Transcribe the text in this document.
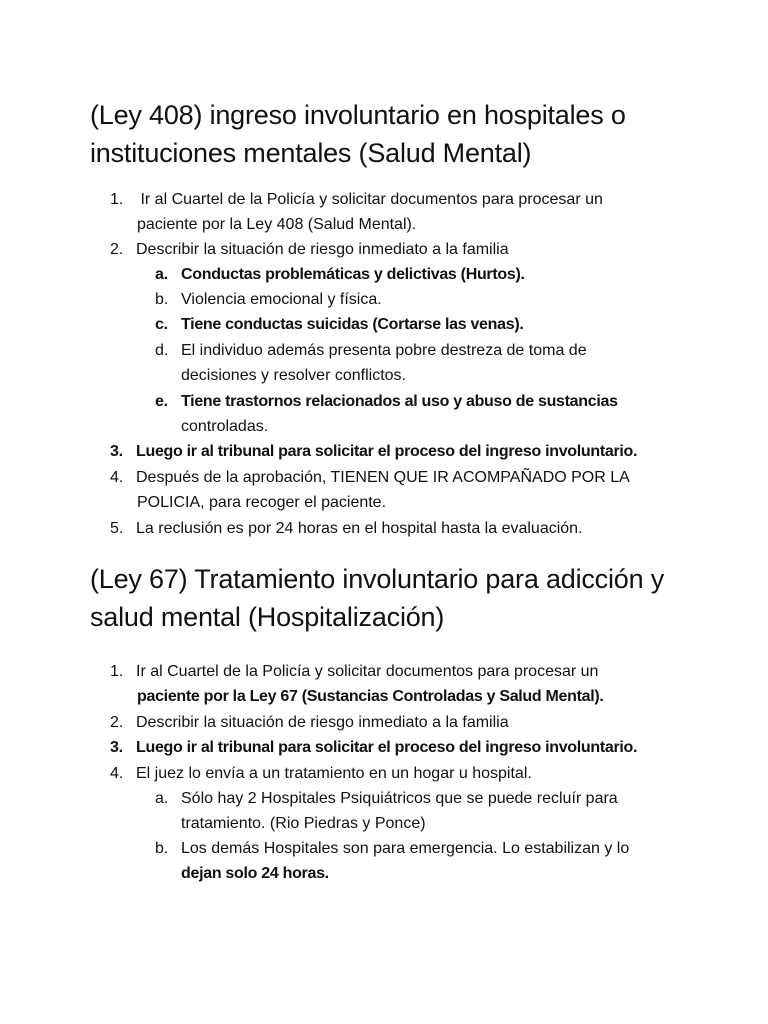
(Ley 408) ingreso involuntario en hospitales o
instituciones mentales (Salud Mental)

1. Ir al Cuartel de la Policía y solicitar documentos para procesar un

paciente por la Ley 408 (Salud Mental).

2. Describir la situación de riesgo inmediato a la familia

a. Conductas problemáticas y delictivas (Hurtos).

b. Violencia emocional y física.

c. Tiene conductas suicidas (Cortarse las venas).

d. El individuo además presenta pobre destreza de toma de

decisiones y resolver conflictos.

e. Tiene trastornos relacionados al uso y abuso de sustancias

controladas.

3. Luego ir al tribunal para solicitar el proceso del ingreso involuntario.

4. Después de la aprobación, TIENEN QUE IR ACOMPAÑADO POR LA

POLICIA, para recoger el paciente.

5. La reclusión es por 24 horas en el hospital hasta la evaluación.

(Ley 67) Tratamiento involuntario para adicción y
salud mental (Hospitalización)

1. Ir al Cuartel de la Policía y solicitar documentos para procesar un

paciente por la Ley 67 (Sustancias Controladas y Salud Mental).

2. Describir la situación de riesgo inmediato a la familia

3. Luego ir al tribunal para solicitar el proceso del ingreso involuntario.

4. El juez lo envía a un tratamiento en un hogar u hospital.

a. Sólo hay 2 Hospitales Psiquiátricos que se puede recluír para

tratamiento. (Rio Piedras y Ponce)

b. Los demás Hospitales son para emergencia. Lo estabilizan y lo

dejan solo 24 horas.
